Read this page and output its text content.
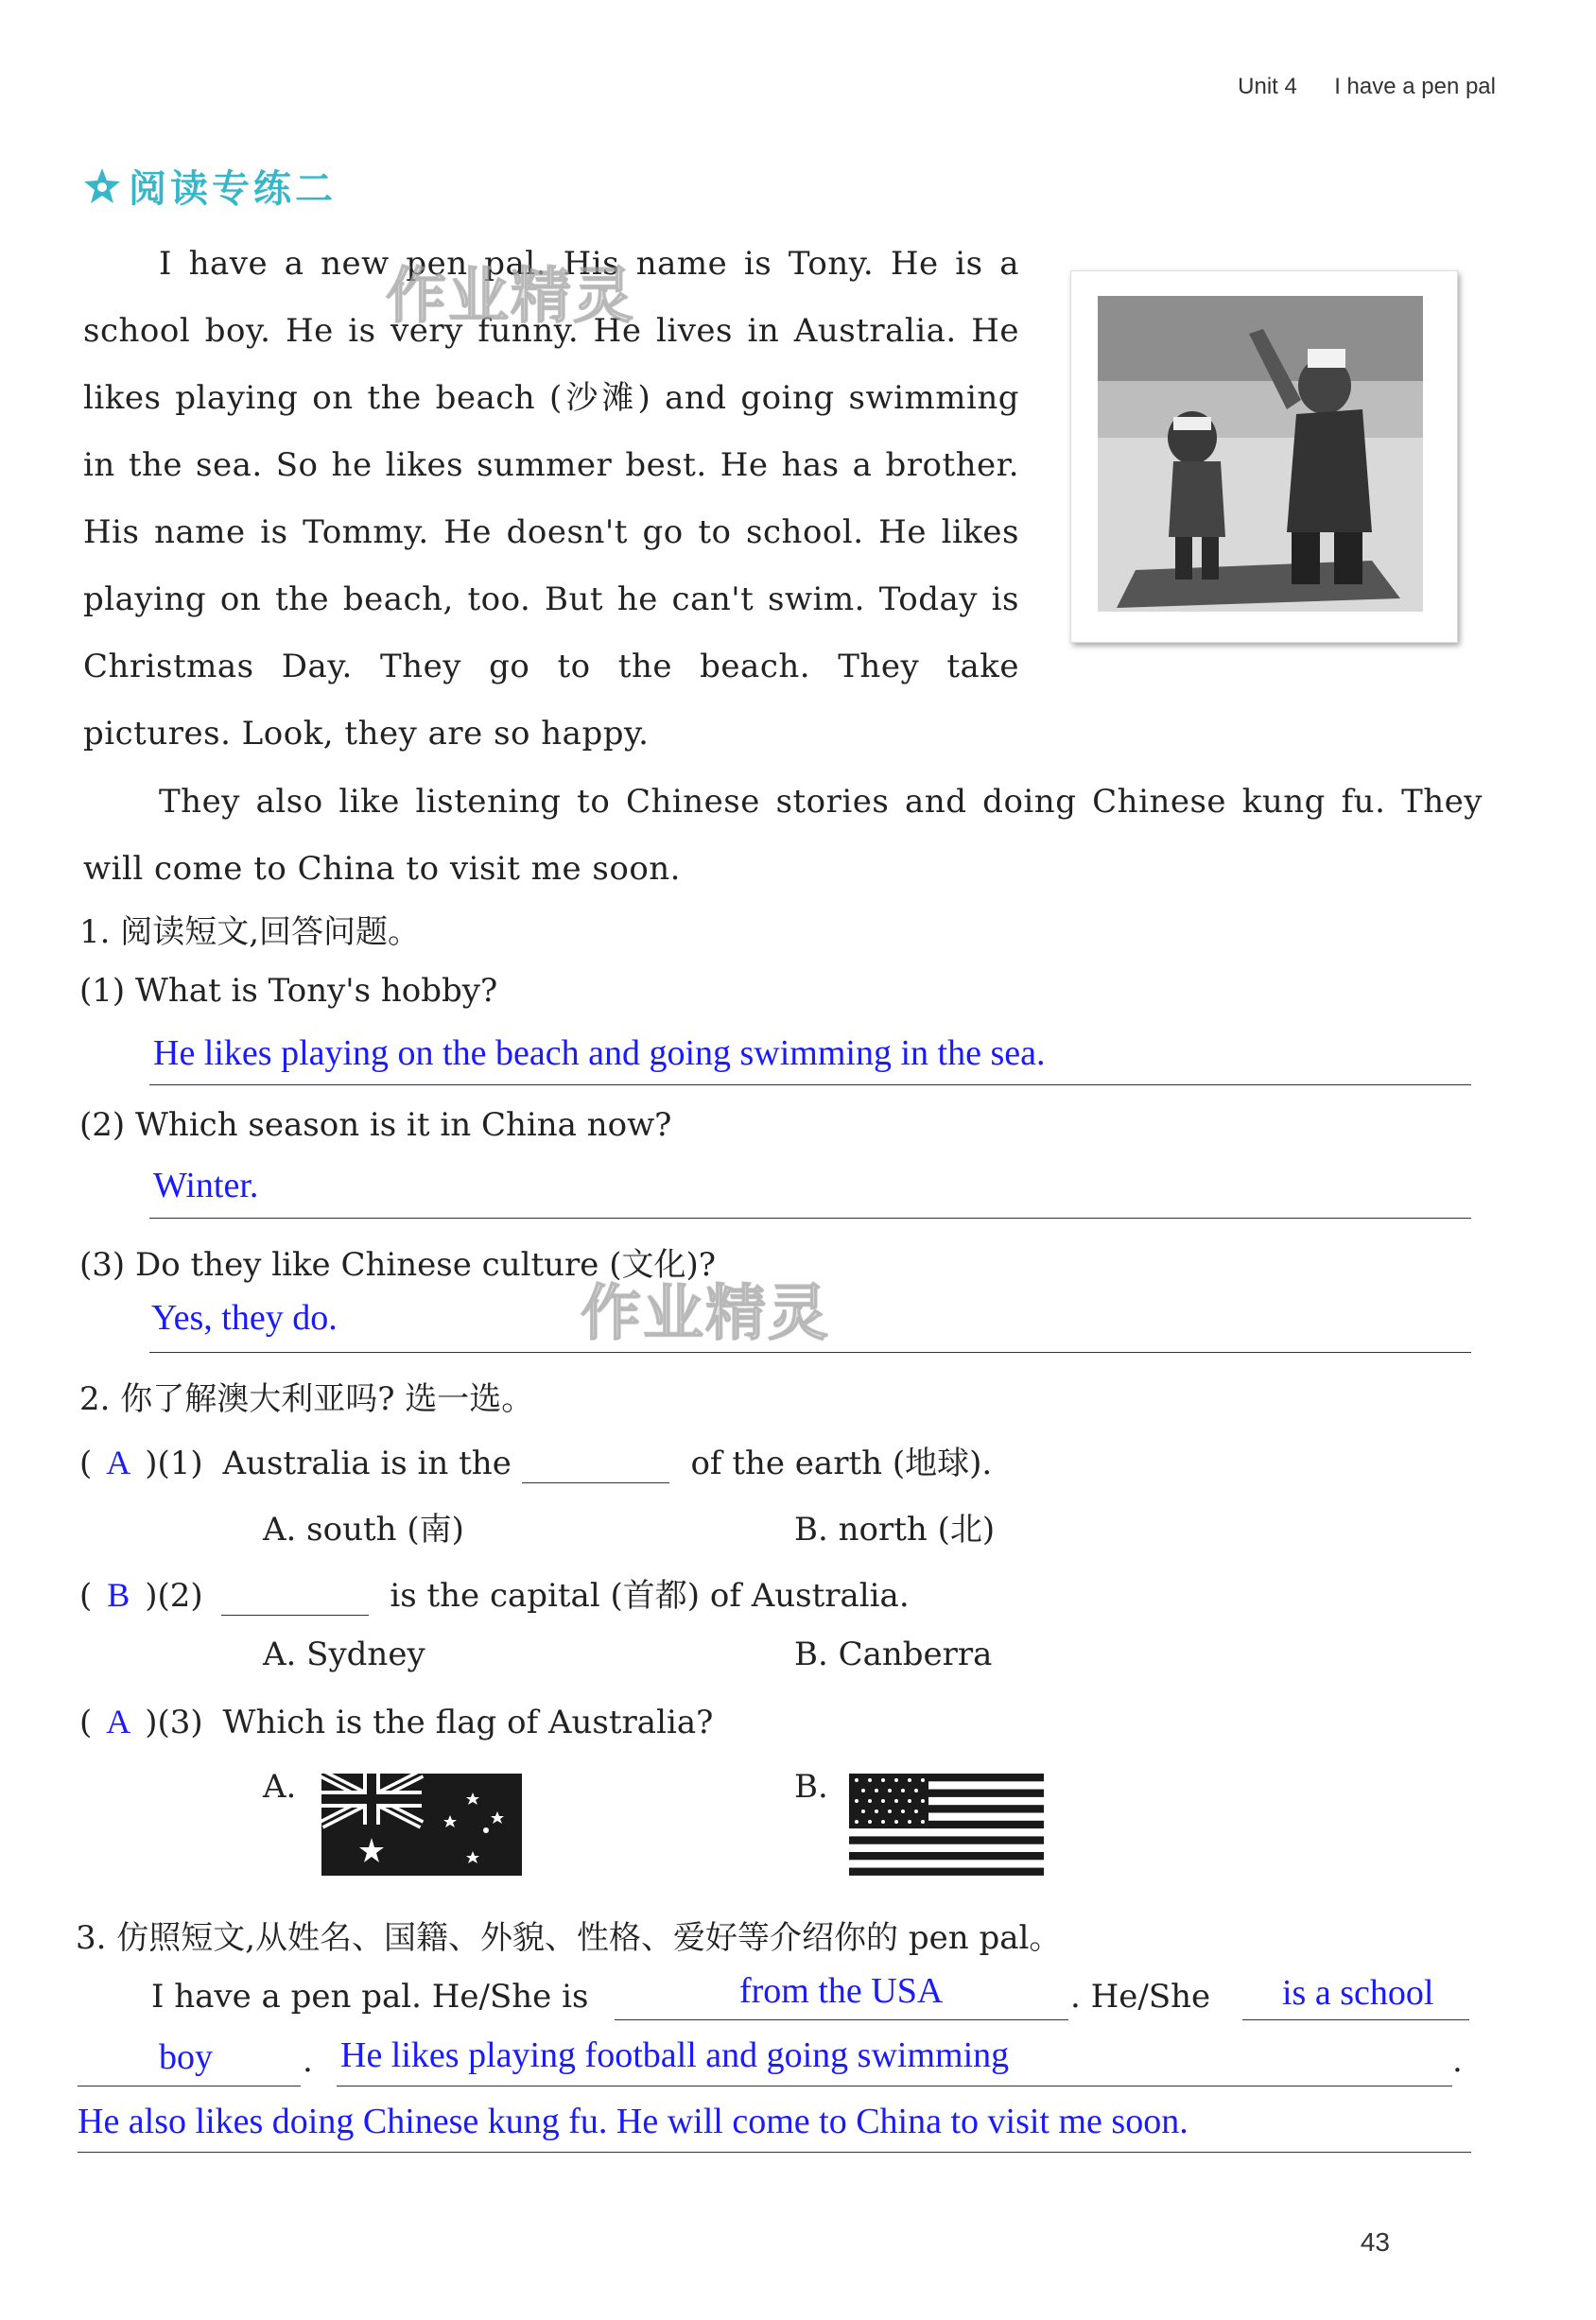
Unit 4 I have a pen pal
阅读专练二
I have a new pen pal. His name is Tony. He is a school boy. He is very funny. He lives in Australia. He likes playing on the beach (沙滩) and going swimming in the sea. So he likes summer best. He has a brother. His name is Tommy. He doesn't go to school. He likes playing on the beach, too. But he can't swim. Today is Christmas Day. They go to the beach. They take pictures. Look, they are so happy.
They also like listening to Chinese stories and doing Chinese kung fu. They will come to China to visit me soon.
作业精灵
作业精灵
1. 阅读短文,回答问题。
(1) What is Tony's hobby?
He likes playing on the beach and going swimming in the sea.
(2) Which season is it in China now?
Winter.
(3) Do they like Chinese culture (文化)?
Yes, they do.
2. 你了解澳大利亚吗? 选一选。
( A )(1) Australia is in the	of the earth (地球).
A. south (南)	B. north (北)
( B )(2)	is the capital (首都) of Australia.
A. Sydney	B. Canberra
( A )(3) Which is the flag of Australia?
A.	B.
3. 仿照短文,从姓名、国籍、外貌、性格、爱好等介绍你的 pen pal。
I have a pen pal. He/She is	from the USA	. He/She is a school
boy	. He likes playing football and going swimming	.
He also likes doing Chinese kung fu. He will come to China to visit me soon.
43
